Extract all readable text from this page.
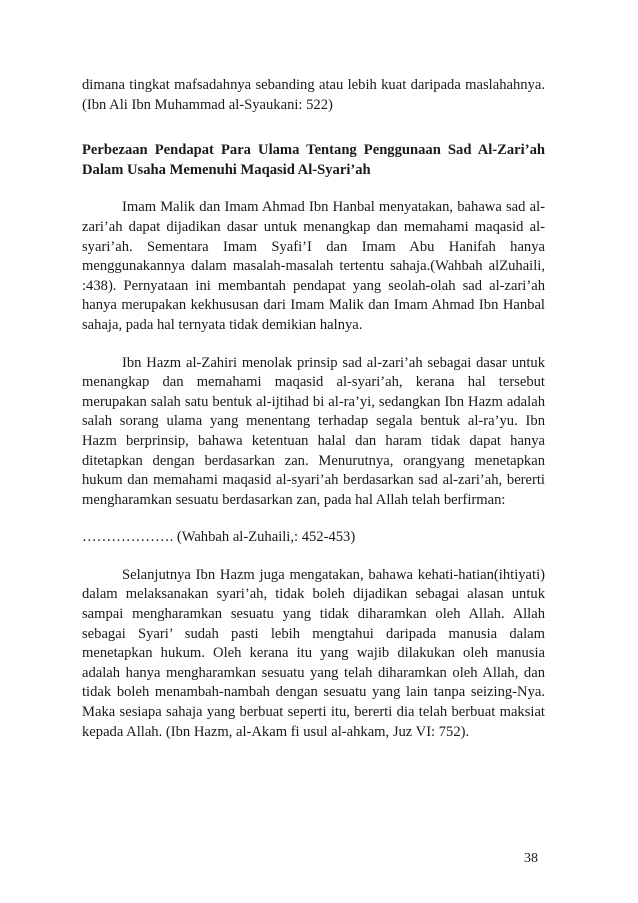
dimana tingkat mafsadahnya sebanding atau lebih kuat daripada maslahahnya. (Ibn Ali Ibn Muhammad al-Syaukani: 522)

Perbezaan Pendapat Para Ulama Tentang Penggunaan Sad Al-Zari’ah Dalam Usaha Memenuhi Maqasid Al-Syari’ah

Imam Malik dan Imam Ahmad Ibn Hanbal menyatakan, bahawa sad al-zari’ah dapat dijadikan dasar untuk menangkap dan memahami maqasid al-syari’ah. Sementara Imam Syafi’I dan Imam Abu Hanifah hanya menggunakannya dalam masalah-masalah tertentu sahaja.(Wahbah alZuhaili, :438). Pernyataan ini membantah pendapat yang seolah-olah sad al-zari’ah hanya merupakan kekhususan dari Imam Malik dan Imam Ahmad Ibn Hanbal sahaja, pada hal ternyata tidak demikian halnya.

Ibn Hazm al-Zahiri menolak prinsip sad al-zari’ah sebagai dasar untuk menangkap dan memahami maqasid al-syari’ah, kerana hal tersebut merupakan salah satu bentuk al-ijtihad bi al-ra’yi, sedangkan Ibn Hazm adalah salah sorang ulama yang menentang terhadap segala bentuk al-ra’yu. Ibn Hazm berprinsip, bahawa ketentuan halal dan haram tidak dapat hanya ditetapkan dengan berdasarkan zan. Menurutnya, orangyang menetapkan hukum dan memahami maqasid al-syari’ah berdasarkan sad al-zari’ah, bererti mengharamkan sesuatu berdasarkan zan, pada hal Allah telah berfirman:

………………. (Wahbah al-Zuhaili,: 452-453)

Selanjutnya Ibn Hazm juga mengatakan, bahawa kehati-hatian(ihtiyati) dalam melaksanakan syari’ah, tidak boleh dijadikan sebagai alasan untuk sampai mengharamkan sesuatu yang tidak diharamkan oleh Allah. Allah sebagai Syari’ sudah pasti lebih mengtahui daripada manusia dalam menetapkan hukum. Oleh kerana itu yang wajib dilakukan oleh manusia adalah hanya mengharamkan sesuatu yang telah diharamkan oleh Allah, dan tidak boleh menambah-nambah dengan sesuatu yang lain tanpa seizing-Nya. Maka sesiapa sahaja yang berbuat seperti itu, bererti dia telah berbuat maksiat kepada Allah. (Ibn Hazm, al-Akam fi usul al-ahkam, Juz VI: 752).

38
